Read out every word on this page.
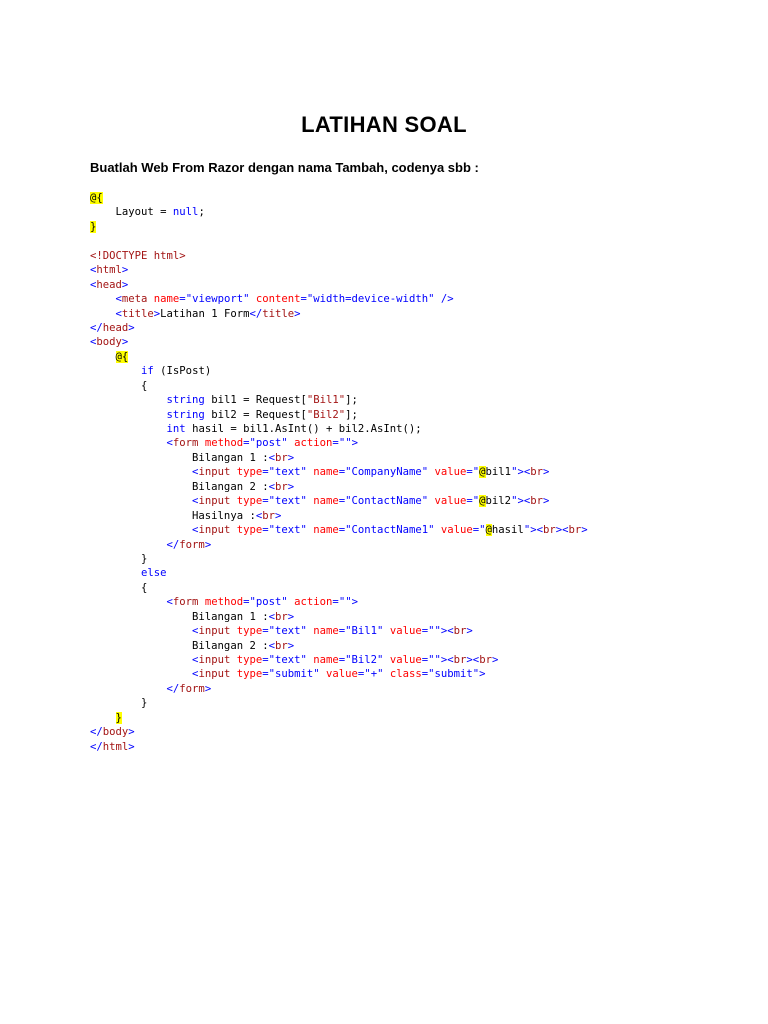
LATIHAN SOAL
Buatlah Web From Razor dengan nama Tambah, codenya sbb :
@{
Layout = null;
}
<!DOCTYPE html>
<html>
<head>
<meta name="viewport" content="width=device-width" />
<title>Latihan 1 Form</title>
</head>
<body>
@{
if (IsPost)
{
string bil1 = Request["Bil1"];
string bil2 = Request["Bil2"];
int hasil = bil1.AsInt() + bil2.AsInt();
<form method="post" action="">
Bilangan 1 :<br>
<input type="text" name="CompanyName" value="@bil1"><br>
Bilangan 2 :<br>
<input type="text" name="ContactName" value="@bil2"><br>
Hasilnya :<br>
<input type="text" name="ContactName1" value="@hasil"><br><br>
</form>
}
else
{
<form method="post" action="">
Bilangan 1 :<br>
<input type="text" name="Bil1" value=""><br>
Bilangan 2 :<br>
<input type="text" name="Bil2" value=""><br><br>
<input type="submit" value="+" class="submit">
</form>
}
}
</body>
</html>
